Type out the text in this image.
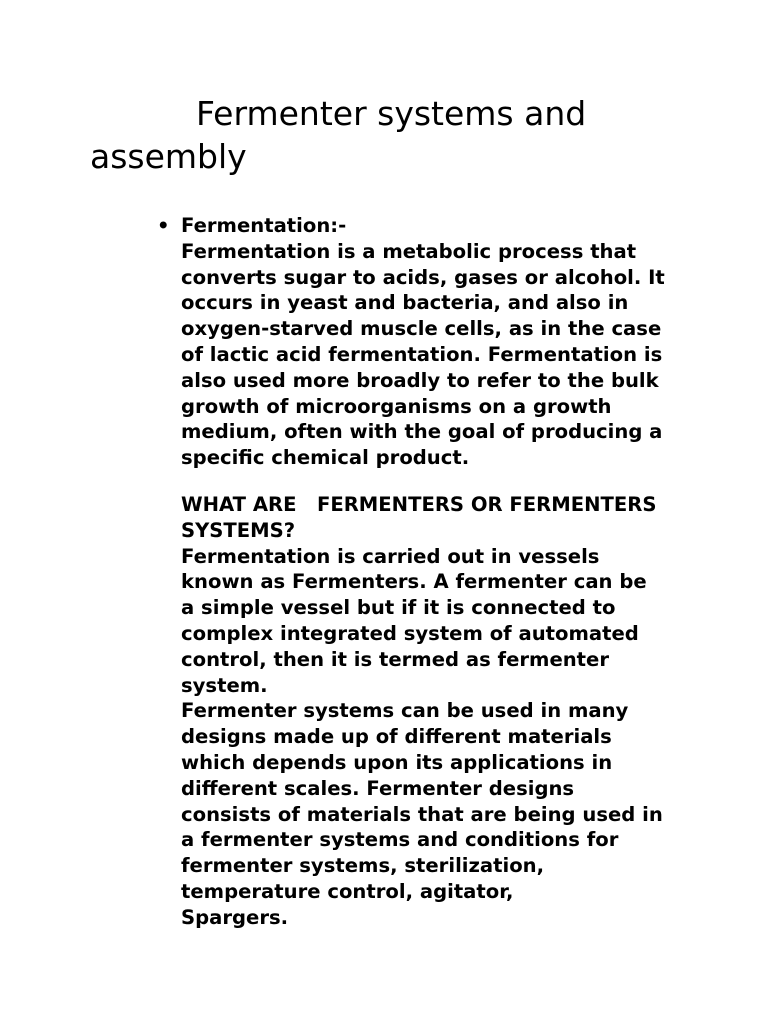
Fermenter systems and
assembly
• Fermentation:-
Fermentation is a metabolic process that
converts sugar to acids, gases or alcohol. It
occurs in yeast and bacteria, and also in
oxygen-starved muscle cells, as in the case
of lactic acid fermentation. Fermentation is
also used more broadly to refer to the bulk
growth of microorganisms on a growth
medium, often with the goal of producing a
specific chemical product.
WHAT ARE   FERMENTERS OR FERMENTERS
SYSTEMS?
Fermentation is carried out in vessels
known as Fermenters. A fermenter can be
a simple vessel but if it is connected to
complex integrated system of automated
control, then it is termed as fermenter
system.
Fermenter systems can be used in many
designs made up of different materials
which depends upon its applications in
different scales. Fermenter designs
consists of materials that are being used in
a fermenter systems and conditions for
fermenter systems, sterilization,
temperature control, agitator,
Spargers.
